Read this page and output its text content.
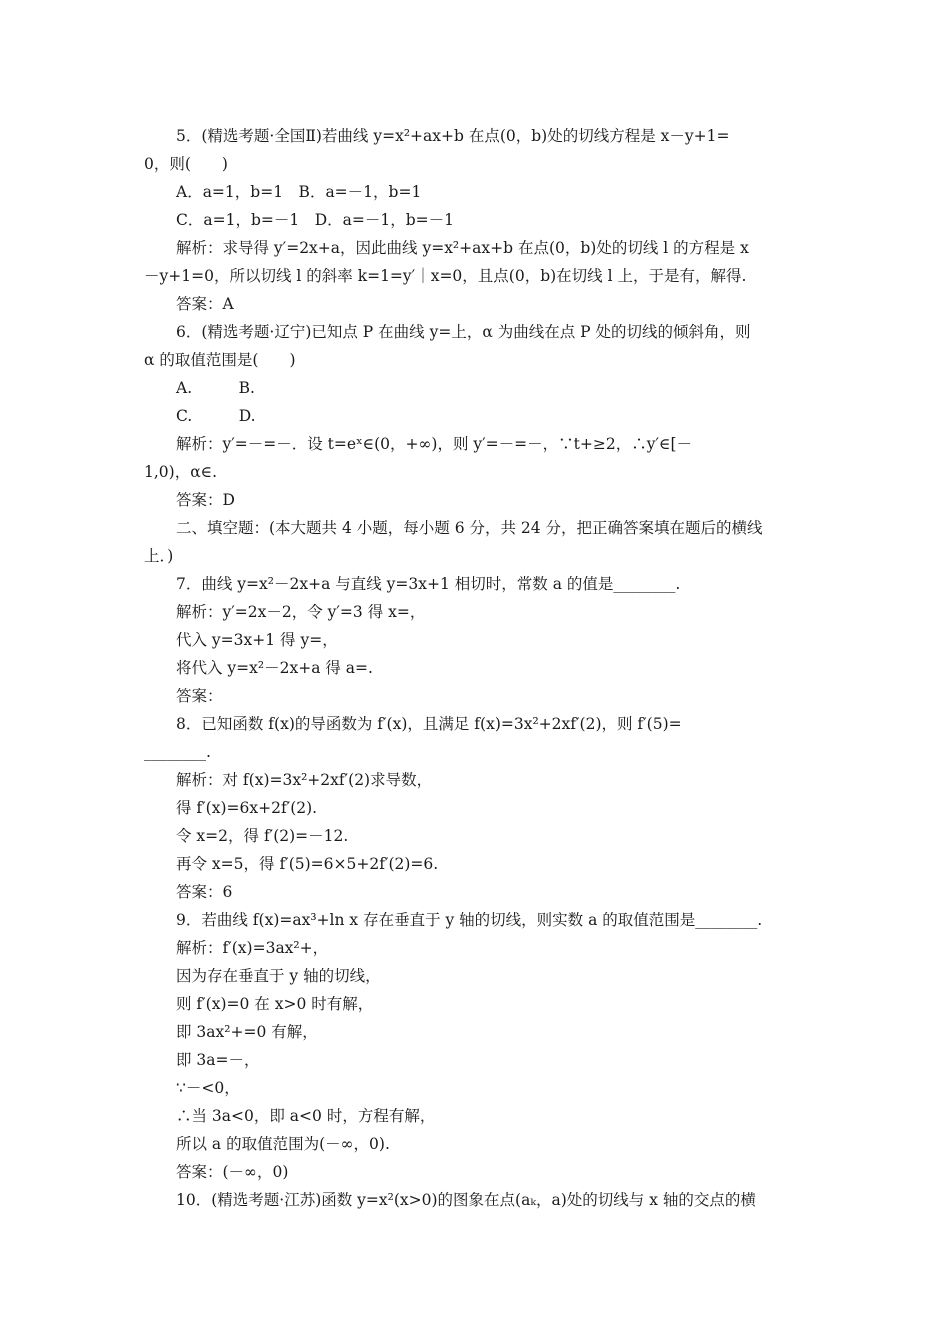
5．(精选考题·全国Ⅱ)若曲线 y=x²+ax+b 在点(0，b)处的切线方程是 x－y+1=
0，则(　　)
A．a=1，b=1　B．a=－1，b=1
C．a=1，b=－1　D．a=－1，b=－1
解析：求导得 y′=2x+a，因此曲线 y=x²+ax+b 在点(0，b)处的切线 l 的方程是 x
－y+1=0，所以切线 l 的斜率 k=1=y′｜x=0，且点(0，b)在切线 l 上，于是有，解得.
答案：A
6．(精选考题·辽宁)已知点 P 在曲线 y=上，α 为曲线在点 P 处的切线的倾斜角，则
α 的取值范围是(　　)
A.　　　B.
C.　　　D.
解析：y′=－=－．设 t=eˣ∈(0，+∞)，则 y′=－=－，∵t+≥2，∴y′∈[－
1,0)，α∈.
答案：D
二、填空题：(本大题共 4 小题，每小题 6 分，共 24 分，把正确答案填在题后的横线
上．)
7．曲线 y=x²－2x+a 与直线 y=3x+1 相切时，常数 a 的值是________.
解析：y′=2x－2，令 y′=3 得 x=，
代入 y=3x+1 得 y=，
将代入 y=x²－2x+a 得 a=.
答案：
8．已知函数 f(x)的导函数为 f′(x)，且满足 f(x)=3x²+2xf′(2)，则 f′(5)=
________.
解析：对 f(x)=3x²+2xf′(2)求导数，
得 f′(x)=6x+2f′(2).
令 x=2，得 f′(2)=－12.
再令 x=5，得 f′(5)=6×5+2f′(2)=6.
答案：6
9．若曲线 f(x)=ax³+ln x 存在垂直于 y 轴的切线，则实数 a 的取值范围是________.
解析：f′(x)=3ax²+，
因为存在垂直于 y 轴的切线，
则 f′(x)=0 在 x>0 时有解，
即 3ax²+=0 有解，
即 3a=－，
∵－<0，
∴当 3a<0，即 a<0 时，方程有解，
所以 a 的取值范围为(－∞，0).
答案：(－∞，0)
10．(精选考题·江苏)函数 y=x²(x>0)的图象在点(aₖ，a)处的切线与 x 轴的交点的横
